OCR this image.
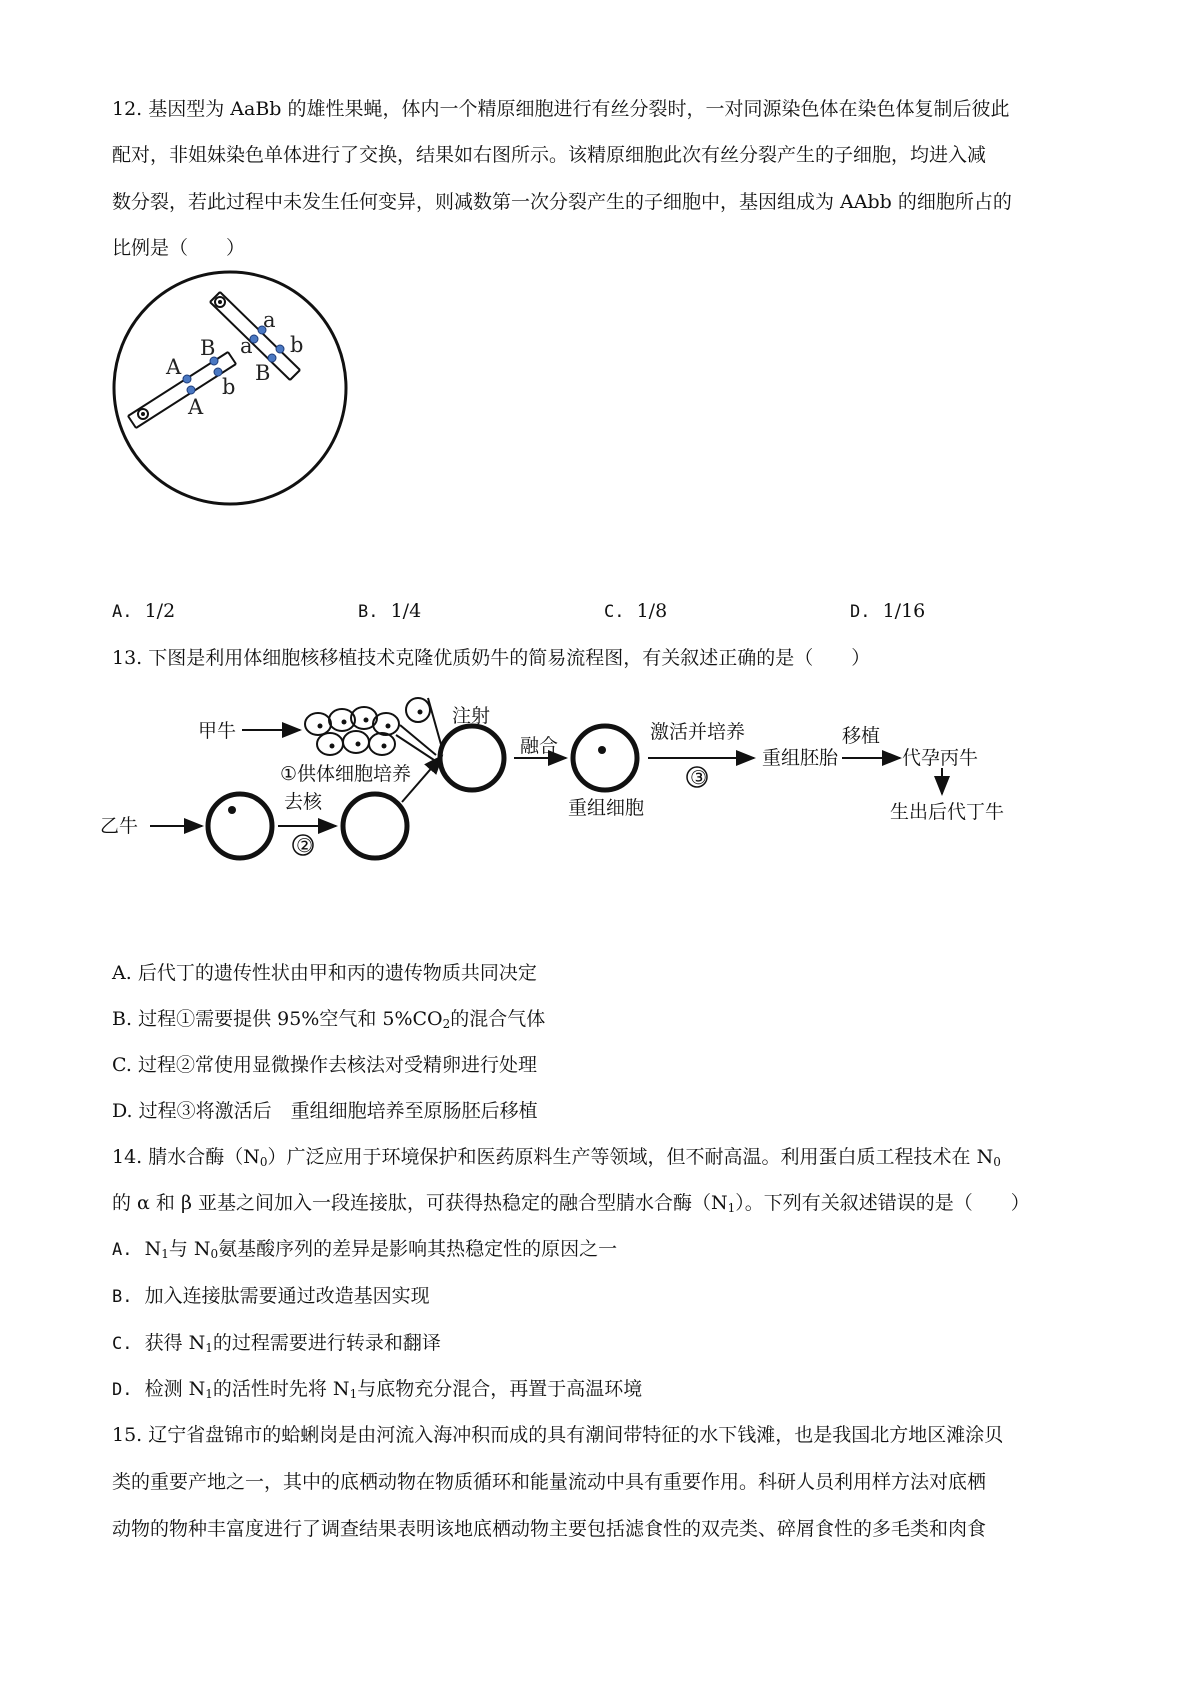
12. 基因型为 AaBb 的雄性果蝇，体内一个精原细胞进行有丝分裂时，一对同源染色体在染色体复制后彼此
配对，非姐妹染色单体进行了交换，结果如右图所示。该精原细胞此次有丝分裂产生的子细胞，均进入减
数分裂，若此过程中未发生任何变异，则减数第一次分裂产生的子细胞中，基因组成为 AAbb 的细胞所占的
比例是（　　）
A
B
A
b
a
a b
B
A. 1/2	B. 1/4	C. 1/8	D. 1/16
13. 下图是利用体细胞核移植技术克隆优质奶牛的简易流程图，有关叙述正确的是（　　）
甲牛
①供体细胞培养
乙牛
去核
②
注射
融合
重组细胞
激活并培养
③
重组胚胎
移植
代孕丙牛
生出后代丁牛
A. 后代丁的遗传性状由甲和丙的遗传物质共同决定
B. 过程①需要提供 95%空气和 $5\%CO_2$的混合气体
C. 过程②常使用显微操作去核法对受精卵进行处理
D. 过程③将激活后　重组细胞培养至原肠胚后移植
14. 腈水合酶$(N_0)$广泛应用于环境保护和医药原料生产等领域，但不耐高温。利用蛋白质工程技术在 $N_0$
的 α 和 β 亚基之间加入一段连接肽，可获得热稳定的融合型腈水合酶$(N_1)$。下列有关叙述错误的是（　　）
A. $N_1$与 $N_0$氨基酸序列的差异是影响其热稳定性的原因之一
B. 加入连接肽需要通过改造基因实现
C. 获得 $N_1$的过程需要进行转录和翻译
D. 检测 $N_1$的活性时先将 $N_1$与底物充分混合，再置于高温环境
15. 辽宁省盘锦市的蛤蜊岗是由河流入海冲积而成的具有潮间带特征的水下钱滩，也是我国北方地区滩涂贝
类的重要产地之一，其中的底栖动物在物质循环和能量流动中具有重要作用。科研人员利用样方法对底栖
动物的物种丰富度进行了调查结果表明该地底栖动物主要包括滤食性的双壳类、碎屑食性的多毛类和肉食
